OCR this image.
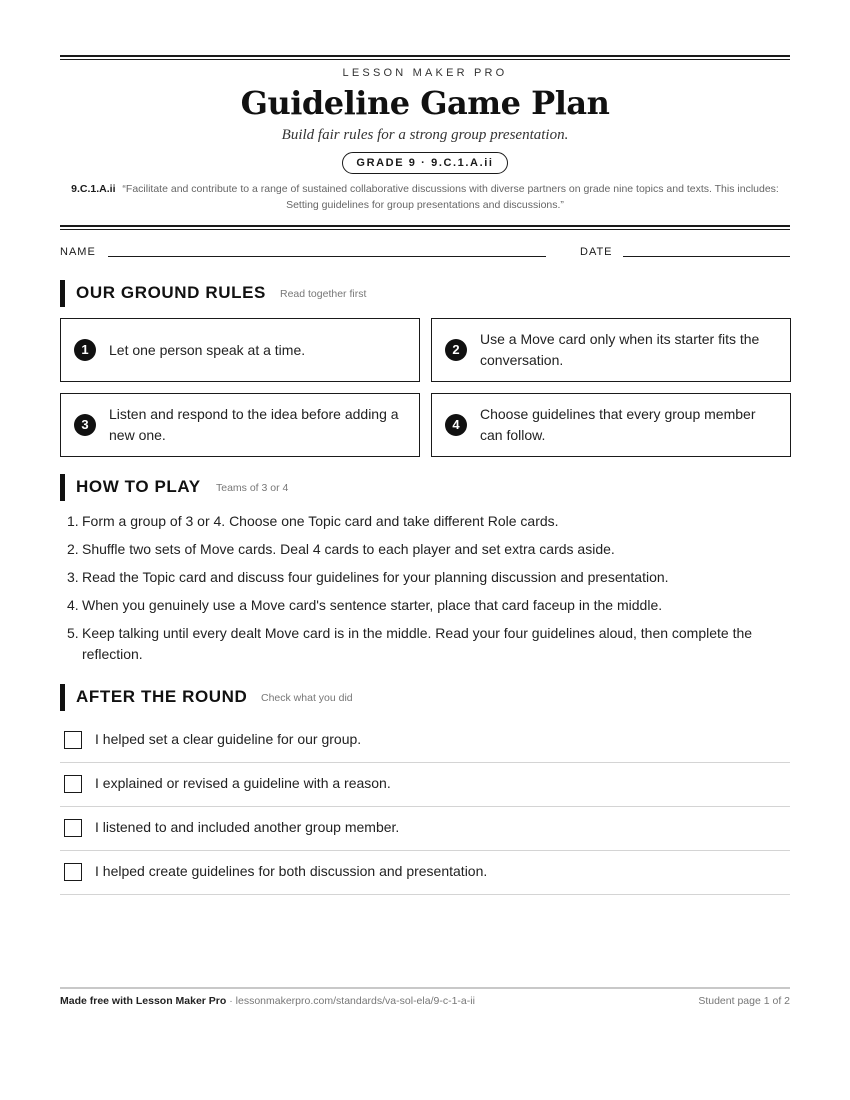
LESSON MAKER PRO
Guideline Game Plan
Build fair rules for a strong group presentation.
GRADE 9 · 9.C.1.A.ii
9.C.1.A.ii “Facilitate and contribute to a range of sustained collaborative discussions with diverse partners on grade nine topics and texts. This includes: Setting guidelines for group presentations and discussions.”
NAME	DATE
OUR GROUND RULES Read together first
1	Let one person speak at a time.	2
Use a Move card only when its starter fits the conversation.
3
Listen and respond to the idea before adding a new one.
4
Choose guidelines that every group member can follow.
HOW TO PLAY Teams of 3 or 4
1. Form a group of 3 or 4. Choose one Topic card and take different Role cards.
2. Shuffle two sets of Move cards. Deal 4 cards to each player and set extra cards aside.
3. Read the Topic card and discuss four guidelines for your planning discussion and presentation.
4. When you genuinely use a Move card's sentence starter, place that card faceup in the middle.
5. Keep talking until every dealt Move card is in the middle. Read your four guidelines aloud, then complete the reflection.
AFTER THE ROUND Check what you did
I helped set a clear guideline for our group.
I explained or revised a guideline with a reason.
I listened to and included another group member.
I helped create guidelines for both discussion and presentation.
Made free with Lesson Maker Pro · lessonmakerpro.com/standards/va-sol-ela/9-c-1-a-ii	Student page 1 of 2
